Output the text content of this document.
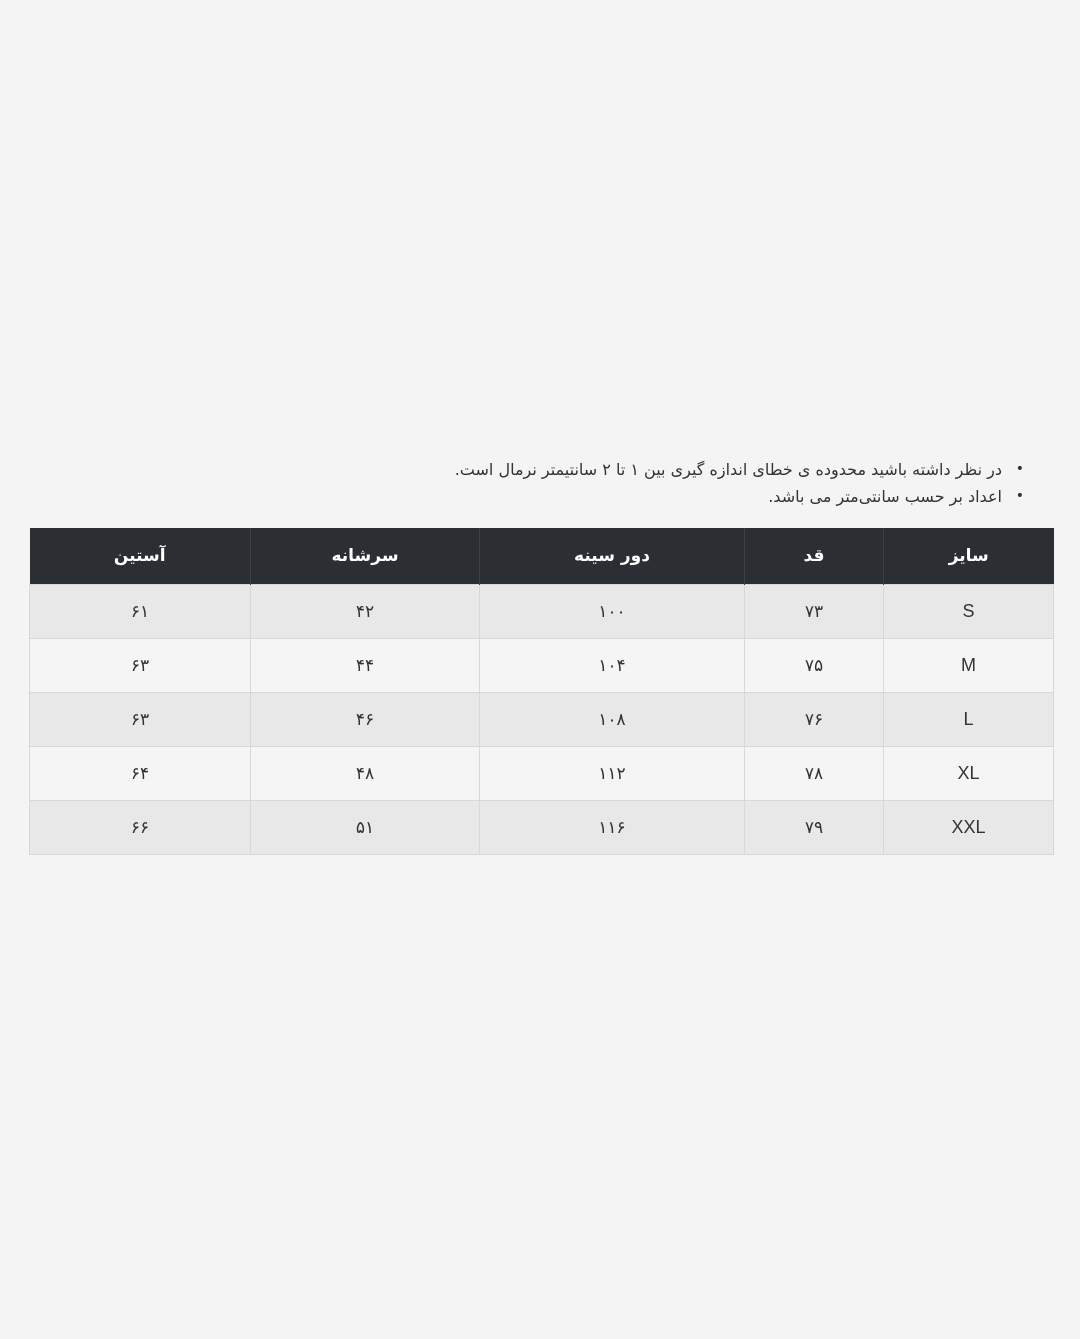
•
در نظر داشته باشید محدوده ی خطای اندازه گیری بین ۱ تا ۲ سانتیمتر نرمال است.
•
اعداد بر حسب سانتی‌متر می باشد.
سایز	قد	دور سینه	سرشانه	آستین
S	۷۳	۱۰۰	۴۲	۶۱
M	۷۵	۱۰۴	۴۴	۶۳
L	۷۶	۱۰۸	۴۶	۶۳
XL	۷۸	۱۱۲	۴۸	۶۴
XXL	۷۹	۱۱۶	۵۱	۶۶
